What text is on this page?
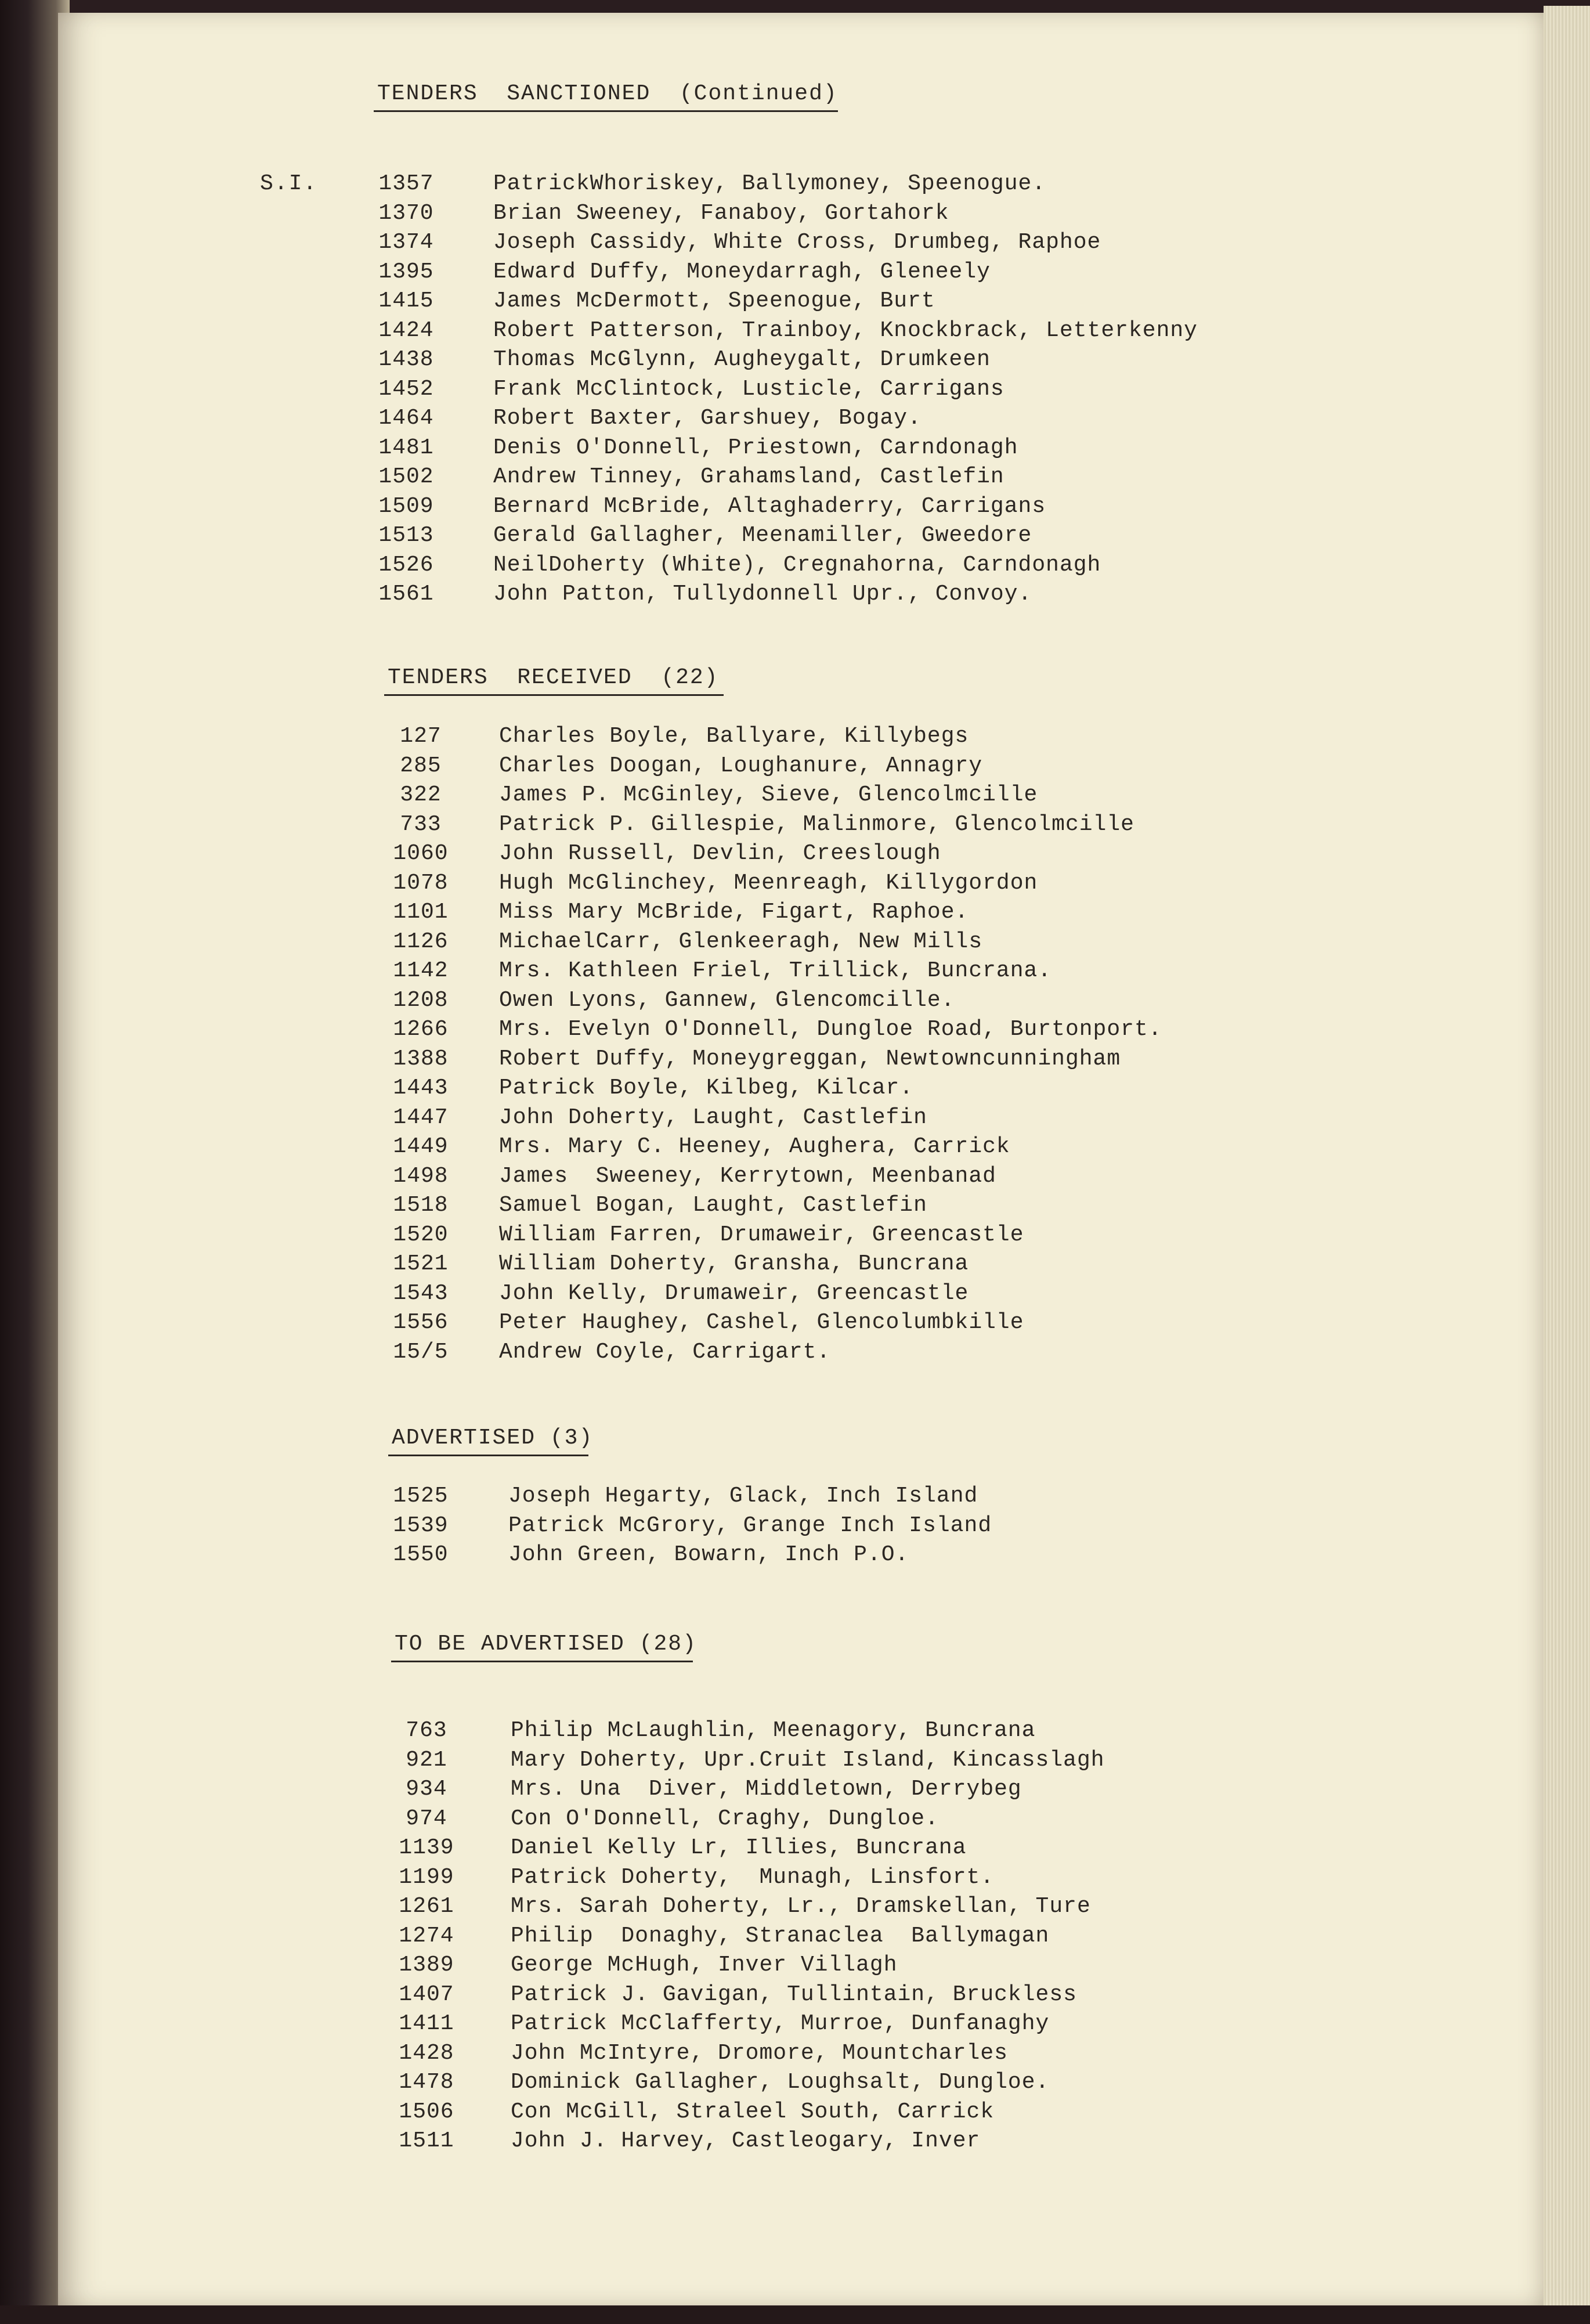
TENDERS  SANCTIONED  (Continued)
S.I.	1357	PatrickWhoriskey, Ballymoney, Speenogue.
1370	Brian Sweeney, Fanaboy, Gortahork
1374	Joseph Cassidy, White Cross, Drumbeg, Raphoe
1395	Edward Duffy, Moneydarragh, Gleneely
1415	James McDermott, Speenogue, Burt
1424	Robert Patterson, Trainboy, Knockbrack, Letterkenny
1438	Thomas McGlynn, Augheygalt, Drumkeen
1452	Frank McClintock, Lusticle, Carrigans
1464	Robert Baxter, Garshuey, Bogay.
1481	Denis O'Donnell, Priestown, Carndonagh
1502	Andrew Tinney, Grahamsland, Castlefin
1509	Bernard McBride, Altaghaderry, Carrigans
1513	Gerald Gallagher, Meenamiller, Gweedore
1526	NeilDoherty (White), Cregnahorna, Carndonagh
1561	John Patton, Tullydonnell Upr., Convoy.
TENDERS  RECEIVED  (22)
127	Charles Boyle, Ballyare, Killybegs
285	Charles Doogan, Loughanure, Annagry
322	James P. McGinley, Sieve, Glencolmcille
733	Patrick P. Gillespie, Malinmore, Glencolmcille
1060	John Russell, Devlin, Creeslough
1078	Hugh McGlinchey, Meenreagh, Killygordon
1101	Miss Mary McBride, Figart, Raphoe.
1126	MichaelCarr, Glenkeeragh, New Mills
1142	Mrs. Kathleen Friel, Trillick, Buncrana.
1208	Owen Lyons, Gannew, Glencomcille.
1266	Mrs. Evelyn O'Donnell, Dungloe Road, Burtonport.
1388	Robert Duffy, Moneygreggan, Newtowncunningham
1443	Patrick Boyle, Kilbeg, Kilcar.
1447	John Doherty, Laught, Castlefin
1449	Mrs. Mary C. Heeney, Aughera, Carrick
1498	James  Sweeney, Kerrytown, Meenbanad
1518	Samuel Bogan, Laught, Castlefin
1520	William Farren, Drumaweir, Greencastle
1521	William Doherty, Gransha, Buncrana
1543	John Kelly, Drumaweir, Greencastle
1556	Peter Haughey, Cashel, Glencolumbkille
15/5	Andrew Coyle, Carrigart.
ADVERTISED (3)
1525	Joseph Hegarty, Glack, Inch Island
1539	Patrick McGrory, Grange Inch Island
1550	John Green, Bowarn, Inch P.O.
TO BE ADVERTISED (28)
763	Philip McLaughlin, Meenagory, Buncrana
921	Mary Doherty, Upr.Cruit Island, Kincasslagh
934	Mrs. Una  Diver, Middletown, Derrybeg
974	Con O'Donnell, Craghy, Dungloe.
1139	Daniel Kelly Lr, Illies, Buncrana
1199	Patrick Doherty,  Munagh, Linsfort.
1261	Mrs. Sarah Doherty, Lr., Dramskellan, Ture
1274	Philip  Donaghy, Stranaclea  Ballymagan
1389	George McHugh, Inver Villagh
1407	Patrick J. Gavigan, Tullintain, Bruckless
1411	Patrick McClafferty, Murroe, Dunfanaghy
1428	John McIntyre, Dromore, Mountcharles
1478	Dominick Gallagher, Loughsalt, Dungloe.
1506	Con McGill, Straleel South, Carrick
1511	John J. Harvey, Castleogary, Inver
